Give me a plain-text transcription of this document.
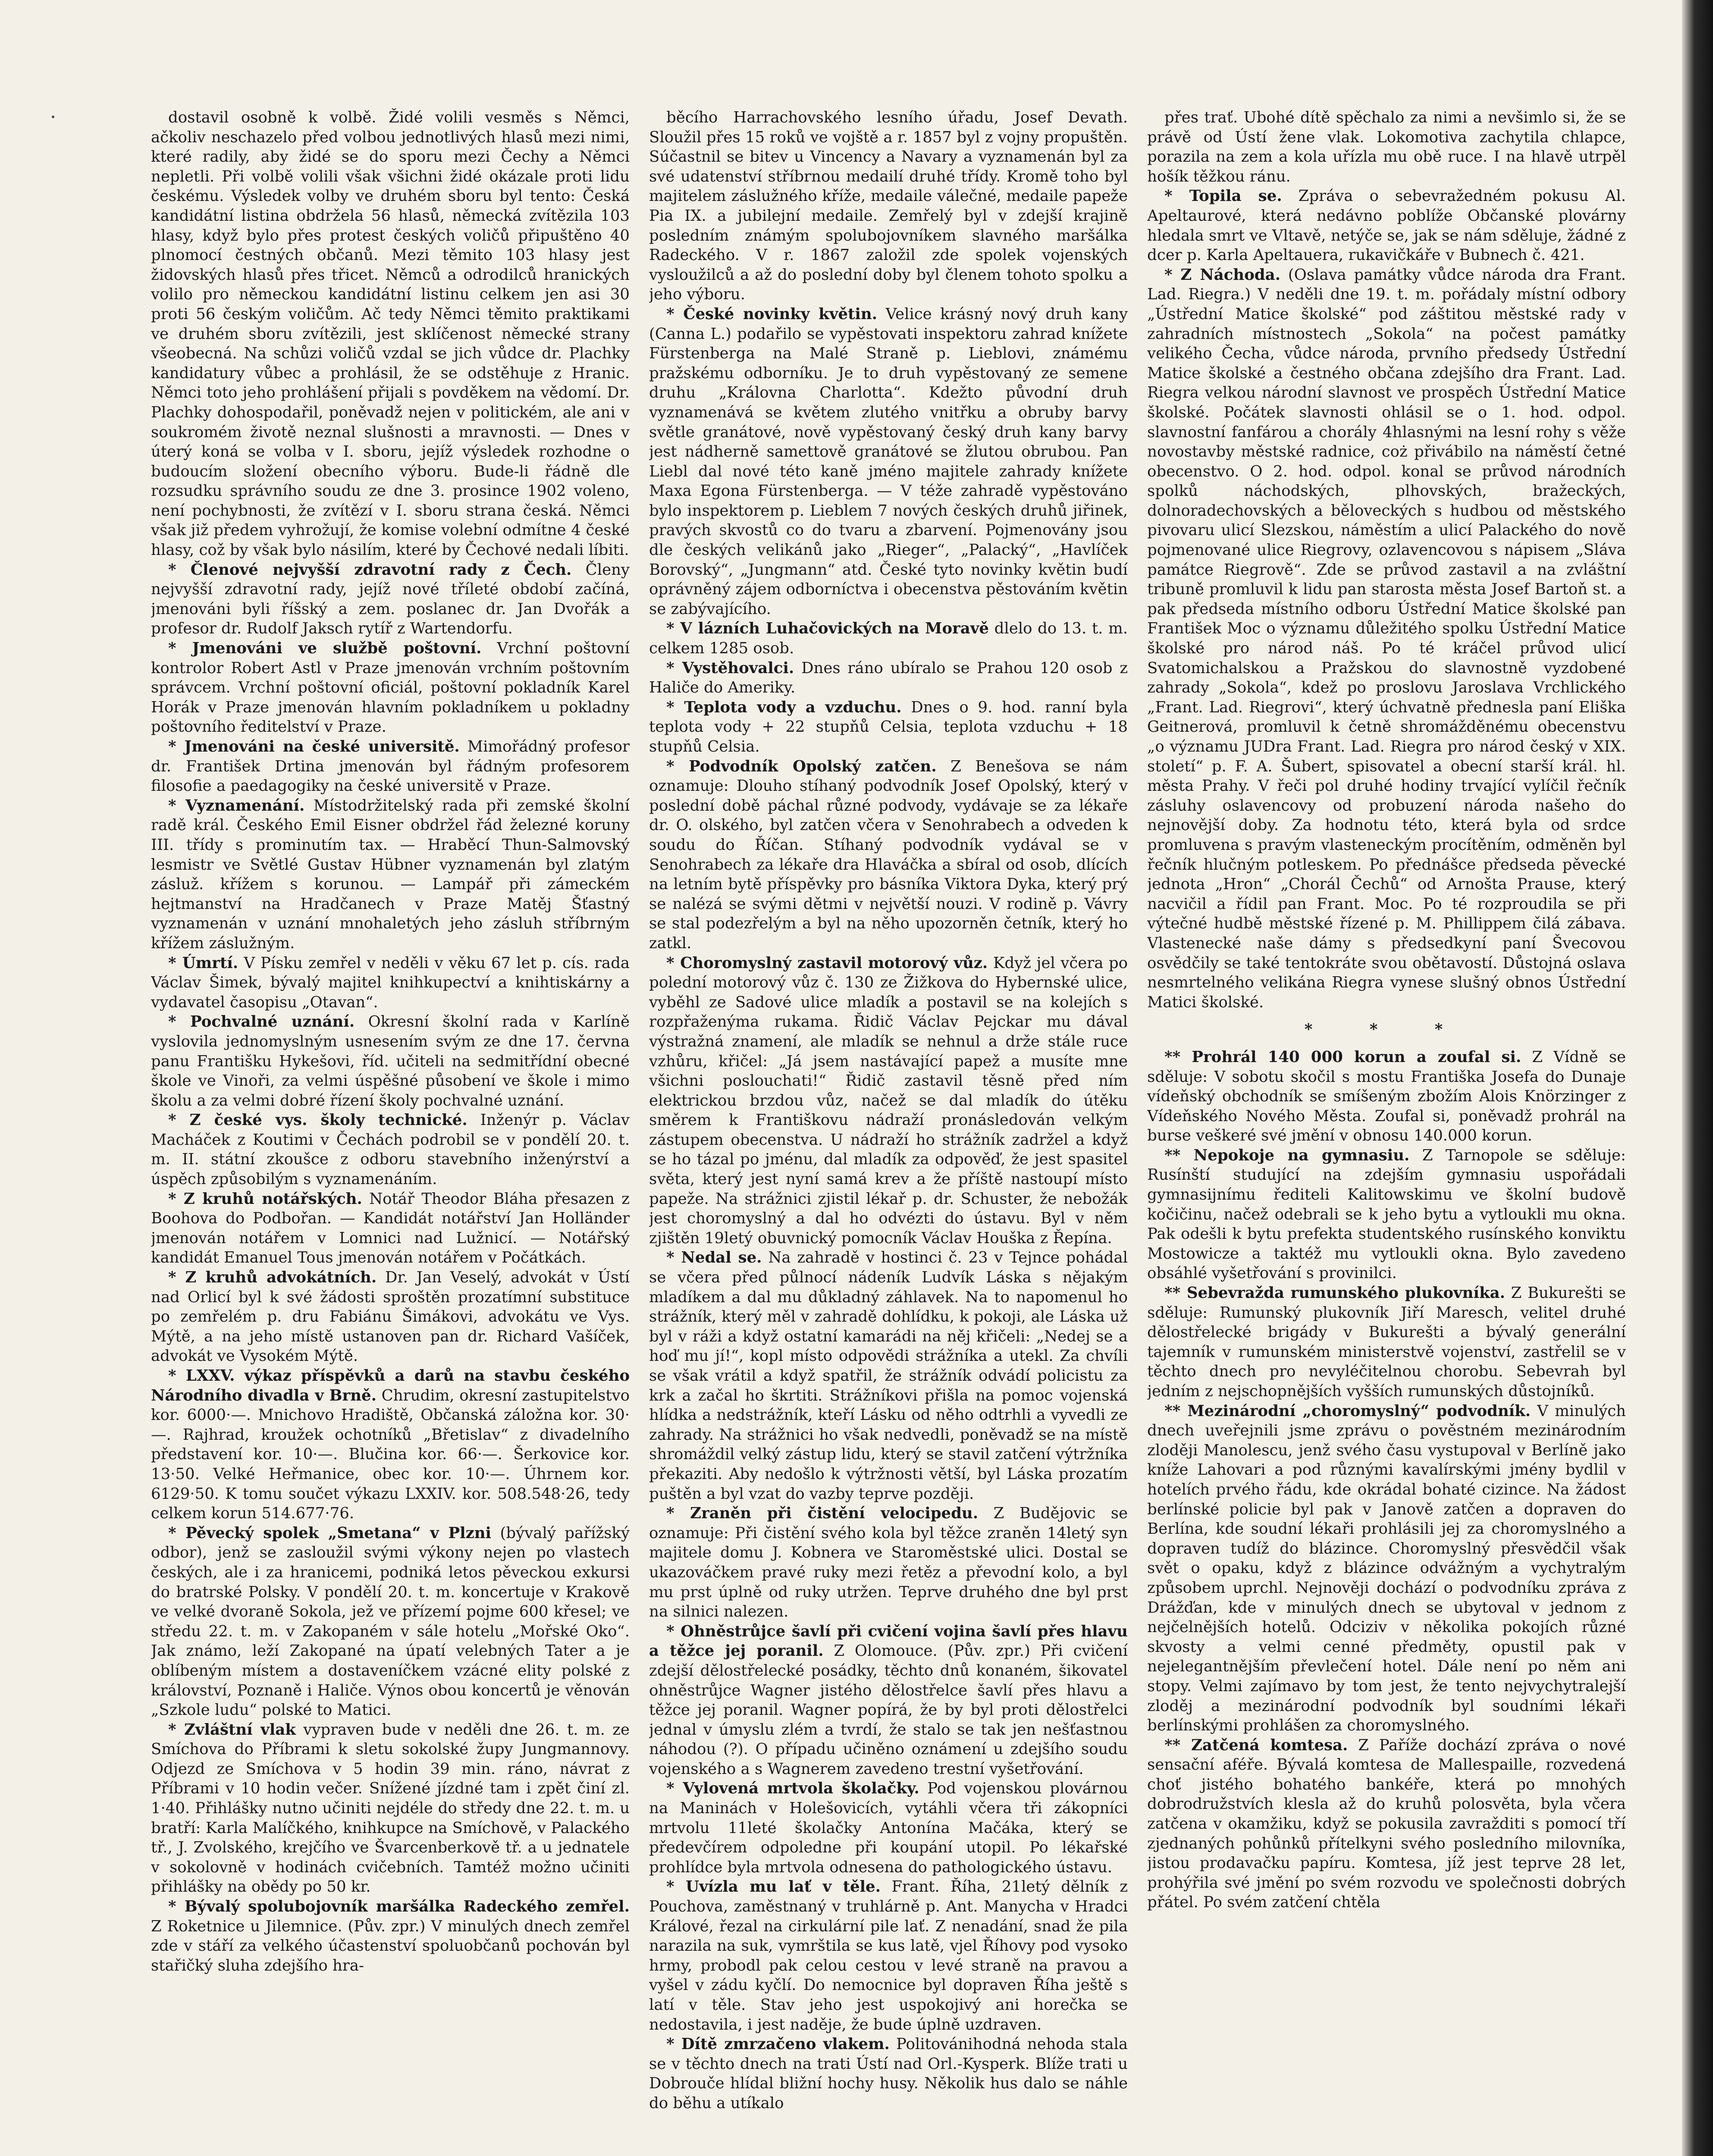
dostavil osobně k volbě. Židé volili vesměs s Němci, ačkoliv neschazelo před volbou jednotlivých hlasů mezi nimi, které radily, aby židé se do sporu mezi Čechy a Němci nepletli. Při volbě volili však všichni židé okázale proti lidu českému. Výsledek volby ve druhém sboru byl tento: Česká kandidátní listina obdržela 56 hlasů, německá zvítězila 103 hlasy, když bylo přes protest českých voličů připuštěno 40 plnomocí čestných občanů. Mezi těmito 103 hlasy jest židovských hlasů přes třicet. Němců a odrodilců hranických volilo pro německou kandidátní listinu celkem jen asi 30 proti 56 českým voličům. Ač tedy Němci těmito praktikami ve druhém sboru zvítězili, jest sklíčenost německé strany všeobecná. Na schůzi voličů vzdal se jich vůdce dr. Plachky kandidatury vůbec a prohlásil, že se odstěhuje z Hranic. Němci toto jeho prohlášení přijali s povděkem na vědomí. Dr. Plachky dohospodařil, poněvadž nejen v politickém, ale ani v soukromém životě neznal slušnosti a mravnosti. — Dnes v úterý koná se volba v I. sboru, jejíž výsledek rozhodne o budoucím složení obecního výboru. Bude-li řádně dle rozsudku správního soudu ze dne 3. prosince 1902 voleno, není pochybnosti, že zvítězí v I. sboru strana česká. Němci však již předem vyhrožují, že komise volební odmítne 4 české hlasy, což by však bylo násilím, které by Čechové nedali líbiti.

* Členové nejvyšší zdravotní rady z Čech. Členy nejvyšší zdravotní rady, jejíž nové tříleté období začíná, jmenováni byli říšský a zem. poslanec dr. Jan Dvořák a profesor dr. Rudolf Jaksch rytíř z Wartendorfu.

* Jmenováni ve službě poštovní. Vrchní poštovní kontrolor Robert Astl v Praze jmenován vrchním poštovním správcem. Vrchní poštovní oficiál, poštovní pokladník Karel Horák v Praze jmenován hlavním pokladníkem u pokladny poštovního ředitelství v Praze.

* Jmenováni na české universitě. Mimořádný profesor dr. František Drtina jmenován byl řádným profesorem filosofie a paedagogiky na české universitě v Praze.

* Vyznamenání. Místodržitelský rada při zemské školní radě král. Českého Emil Eisner obdržel řád železné koruny III. třídy s prominutím tax. — Hraběcí Thun-Salmovský lesmistr ve Světlé Gustav Hübner vyznamenán byl zlatým zásluž. křížem s korunou. — Lampář při zámeckém hejtmanství na Hradčanech v Praze Matěj Šťastný vyznamenán v uznání mnohaletých jeho zásluh stříbrným křížem záslužným.

* Úmrtí. V Písku zemřel v neděli v věku 67 let p. cís. rada Václav Šimek, bývalý majitel knihkupectví a knihtiskárny a vydavatel časopisu „Otavan“.

* Pochvalné uznání. Okresní školní rada v Karlíně vyslovila jednomyslným usnesením svým ze dne 17. června panu Františku Hykešovi, říd. učiteli na sedmitřídní obecné škole ve Vinoři, za velmi úspěšné působení ve škole i mimo školu a za velmi dobré řízení školy pochvalné uznání.

* Z české vys. školy technické. Inženýr p. Václav Macháček z Koutimi v Čechách podrobil se v pondělí 20. t. m. II. státní zkoušce z odboru stavebního inženýrství a úspěch způsobilým s vyznamenáním.

* Z kruhů notářských. Notář Theodor Bláha přesazen z Boohova do Podbořan. — Kandidát notářství Jan Holländer jmenován notářem v Lomnici nad Lužnicí. — Notářský kandidát Emanuel Tous jmenován notářem v Počátkách.

* Z kruhů advokátních. Dr. Jan Veselý, advokát v Ústí nad Orlicí byl k své žádosti sproštěn prozatímní substituce po zemřelém p. dru Fabiánu Šimákovi, advokátu ve Vys. Mýtě, a na jeho místě ustanoven pan dr. Richard Vašíček, advokát ve Vysokém Mýtě.

* LXXV. výkaz příspěvků a darů na stavbu českého Národního divadla v Brně. Chrudim, okresní zastupitelstvo kor. 6000·—. Mnichovo Hradiště, Občanská záložna kor. 30·—. Rajhrad, kroužek ochotníků „Břetislav“ z divadelního představení kor. 10·—. Blučina kor. 66·—. Šerkovice kor. 13·50. Velké Heřmanice, obec kor. 10·—. Úhrnem kor. 6129·50. K tomu součet výkazu LXXIV. kor. 508.548·26, tedy celkem korun 514.677·76.

* Pěvecký spolek „Smetana“ v Plzni (bývalý pařížský odbor), jenž se zasloužil svými výkony nejen po vlastech českých, ale i za hranicemi, podniká letos pěveckou exkursi do bratrské Polsky. V pondělí 20. t. m. koncertuje v Krakově ve velké dvoraně Sokola, jež ve přízemí pojme 600 křesel; ve středu 22. t. m. v Zakopaném v sále hotelu „Mořské Oko“. Jak známo, leží Zakopané na úpatí velebných Tater a je oblíbeným místem a dostaveníčkem vzácné elity polské z království, Poznaně i Haliče. Výnos obou koncertů je věnován „Szkole ludu“ polské to Matici.

* Zvláštní vlak vypraven bude v neděli dne 26. t. m. ze Smíchova do Příbrami k sletu sokolské župy Jungmannovy. Odjezd ze Smíchova v 5 hodin 39 min. ráno, návrat z Příbrami v 10 hodin večer. Snížené jízdné tam i zpět činí zl. 1·40. Přihlášky nutno učiniti nejdéle do středy dne 22. t. m. u bratří: Karla Malíčkého, knihkupce na Smíchově, v Palackého tř., J. Zvolského, krejčího ve Švarcenberkově tř. a u jednatele v sokolovně v hodinách cvičebních. Tamtéž možno učiniti přihlášky na obědy po 50 kr.

* Bývalý spolubojovník maršálka Radeckého zemřel. Z Roketnice u Jilemnice. (Pův. zpr.) V minulých dnech zemřel zde v stáří za velkého účastenství spoluobčanů pochován byl stařičký sluha zdejšího hra-

běcího Harrachovského lesního úřadu, Josef Devath. Sloužil přes 15 roků ve vojště a r. 1857 byl z vojny propuštěn. Súčastnil se bitev u Vincency a Navary a vyznamenán byl za své udatenství stříbrnou medailí druhé třídy. Kromě toho byl majitelem záslužného kříže, medaile válečné, medaile papeže Pia IX. a jubilejní medaile. Zemřelý byl v zdejší krajině posledním známým spolubojovníkem slavného maršálka Radeckého. V r. 1867 založil zde spolek vojenských vysloužilců a až do poslední doby byl členem tohoto spolku a jeho výboru.

* České novinky květin. Velice krásný nový druh kany (Canna L.) podařilo se vypěstovati inspektoru zahrad knížete Fürstenberga na Malé Straně p. Lieblovi, známému pražskému odborníku. Je to druh vypěstovaný ze semene druhu „Královna Charlotta“. Kdežto původní druh vyznamenává se květem zlutého vnitřku a obruby barvy světle granátové, nově vypěstovaný český druh kany barvy jest nádherně samettově granátové se žlutou obrubou. Pan Liebl dal nové této kaně jméno majitele zahrady knížete Maxa Egona Fürstenberga. — V téže zahradě vypěstováno bylo inspektorem p. Lieblem 7 nových českých druhů jiřinek, pravých skvostů co do tvaru a zbarvení. Pojmenovány jsou dle českých velikánů jako „Rieger“, „Palacký“, „Havlíček Borovský“, „Jungmann“ atd. České tyto novinky květin budí oprávněný zájem odborníctva i obecenstva pěstováním květin se zabývajícího.

* V lázních Luhačovických na Moravě dlelo do 13. t. m. celkem 1285 osob.

* Vystěhovalci. Dnes ráno ubíralo se Prahou 120 osob z Haliče do Ameriky.

* Teplota vody a vzduchu. Dnes o 9. hod. ranní byla teplota vody + 22 stupňů Celsia, teplota vzduchu + 18 stupňů Celsia.

* Podvodník Opolský zatčen. Z Benešova se nám oznamuje: Dlouho stíhaný podvodník Josef Opolský, který v poslední době páchal různé podvody, vydávaje se za lékaře dr. O. olského, byl zatčen včera v Senohrabech a odveden k soudu do Říčan. Stíhaný podvodník vydával se v Senohrabech za lékaře dra Hlaváčka a sbíral od osob, dlících na letním bytě příspěvky pro básníka Viktora Dyka, který prý se nalézá se svými dětmi v největší nouzi. V rodině p. Vávry se stal podezřelým a byl na něho upozorněn četník, který ho zatkl.

* Choromyslný zastavil motorový vůz. Když jel včera po polední motorový vůz č. 130 ze Žižkova do Hybernské ulice, vyběhl ze Sadové ulice mladík a postavil se na kolejích s rozpřaženýma rukama. Řidič Václav Pejckar mu dával výstražná znamení, ale mladík se nehnul a drže stále ruce vzhůru, křičel: „Já jsem nastávající papež a musíte mne všichni poslouchati!“ Řidič zastavil těsně před ním elektrickou brzdou vůz, načež se dal mladík do útěku směrem k Františkovu nádraží pronásledován velkým zástupem obecenstva. U nádraží ho strážník zadržel a když se ho tázal po jménu, dal mladík za odpověď, že jest spasitel světa, který jest nyní samá krev a že příště nastoupí místo papeže. Na strážnici zjistil lékař p. dr. Schuster, že nebožák jest choromyslný a dal ho odvézti do ústavu. Byl v něm zjištěn 19letý obuvnický pomocník Václav Houška z Řepína.

* Nedal se. Na zahradě v hostinci č. 23 v Tejnce pohádal se včera před půlnocí nádeník Ludvík Láska s nějakým mladíkem a dal mu důkladný záhlavek. Na to napomenul ho strážník, který měl v zahradě dohlídku, k pokoji, ale Láska už byl v ráži a když ostatní kamarádi na něj křičeli: „Nedej se a hoď mu jí!“, kopl místo odpovědi strážníka a utekl. Za chvíli se však vrátil a když spatřil, že strážník odvádí policistu za krk a začal ho škrtiti. Strážníkovi přišla na pomoc vojenská hlídka a nedstrážník, kteří Lásku od něho odtrhli a vyvedli ze zahrady. Na strážnici ho však nedvedli, poněvadž se na místě shromáždil velký zástup lidu, který se stavil zatčení výtržníka překaziti. Aby nedošlo k výtržnosti větší, byl Láska prozatím puštěn a byl vzat do vazby teprve později.

* Zraněn při čistění velocipedu. Z Budějovic se oznamuje: Při čistění svého kola byl těžce zraněn 14letý syn majitele domu J. Kobnera ve Staroměstské ulici. Dostal se ukazováčkem pravé ruky mezi řetěz a převodní kolo, a byl mu prst úplně od ruky utržen. Teprve druhého dne byl prst na silnici nalezen.

* Ohněstrůjce šavlí při cvičení vojina šavlí přes hlavu a těžce jej poranil. Z Olomouce. (Pův. zpr.) Při cvičení zdejší dělostřelecké posádky, těchto dnů konaném, šikovatel ohněstrůjce Wagner jistého dělostřelce šavlí přes hlavu a těžce jej poranil. Wagner popírá, že by byl proti dělostřelci jednal v úmyslu zlém a tvrdí, že stalo se tak jen nešťastnou náhodou (?). O případu učiněno oznámení u zdejšího soudu vojenského a s Wagnerem zavedeno trestní vyšetřování.

* Vylovená mrtvola školačky. Pod vojenskou plovárnou na Maninách v Holešovicích, vytáhli včera tři zákopníci mrtvolu 11leté školačky Antonína Mačáka, který se předevčírem odpoledne při koupání utopil. Po lékařské prohlídce byla mrtvola odnesena do pathologického ústavu.

* Uvízla mu lať v těle. Frant. Říha, 21letý dělník z Pouchova, zaměstnaný v truhlárně p. Ant. Manycha v Hradci Králové, řezal na cirkulární pile lať. Z nenadání, snad že pila narazila na suk, vymrštila se kus latě, vjel Říhovy pod vysoko hrmy, probodl pak celou cestou v levé straně na pravou a vyšel v zádu kyčlí. Do nemocnice byl dopraven Říha ještě s latí v těle. Stav jeho jest uspokojivý ani horečka se nedostavila, i jest naděje, že bude úplně uzdraven.

* Dítě zmrzačeno vlakem. Politovánihodná nehoda stala se v těchto dnech na trati Ústí nad Orl.-Kysperk. Blíže trati u Dobrouče hlídal bližní hochy husy. Několik hus dalo se náhle do běhu a utíkalo

přes trať. Ubohé dítě spěchalo za nimi a nevšimlo si, že se právě od Ústí žene vlak. Lokomotiva zachytila chlapce, porazila na zem a kola uřízla mu obě ruce. I na hlavě utrpěl hošík těžkou ránu.

* Topila se. Zpráva o sebevražedném pokusu Al. Apeltaurové, která nedávno poblíže Občanské plovárny hledala smrt ve Vltavě, netýče se, jak se nám sděluje, žádné z dcer p. Karla Apeltauera, rukavičkáře v Bubnech č. 421.

* Z Náchoda. (Oslava památky vůdce národa dra Frant. Lad. Riegra.) V neděli dne 19. t. m. pořádaly místní odbory „Ústřední Matice školské“ pod záštitou městské rady v zahradních místnostech „Sokola“ na počest památky velikého Čecha, vůdce národa, prvního předsedy Ústřední Matice školské a čestného občana zdejšího dra Frant. Lad. Riegra velkou národní slavnost ve prospěch Ústřední Matice školské. Počátek slavnosti ohlásil se o 1. hod. odpol. slavnostní fanfárou a chorály 4hlasnými na lesní rohy s věže novostavby městské radnice, coż přivábilo na náměstí četné obecenstvo. O 2. hod. odpol. konal se průvod národních spolků náchodských, plhovských, bražeckých, dolnoradechovských a běloveckých s hudbou od městského pivovaru ulicí Slezskou, náměstím a ulicí Palackého do nově pojmenované ulice Riegrovy, ozlavencovou s nápisem „Sláva památce Riegrově“. Zde se průvod zastavil a na zvláštní tribuně promluvil k lidu pan starosta města Josef Bartoň st. a pak předseda místního odboru Ústřední Matice školské pan František Moc o významu důležitého spolku Ústřední Matice školské pro národ náš. Po té kráčel průvod ulicí Svatomichalskou a Pražskou do slavnostně vyzdobené zahrady „Sokola“, kdež po proslovu Jaroslava Vrchlického „Frant. Lad. Riegrovi“, který úchvatně přednesla paní Eliška Geitnerová, promluvil k četně shromážděnému obecenstvu „o významu JUDra Frant. Lad. Riegra pro národ český v XIX. století“ p. F. A. Šubert, spisovatel a obecní starší král. hl. města Prahy. V řeči pol druhé hodiny trvající vylíčil řečník zásluhy oslavencovy od probuzení národa našeho do nejnovější doby. Za hodnotu této, která byla od srdce promluvena s pravým vlasteneckým procítěním, odměněn byl řečník hlučným potleskem. Po přednášce předseda pěvecké jednota „Hron“ „Chorál Čechů“ od Arnošta Prause, který nacvičil a řídil pan Frant. Moc. Po té rozproudila se při výtečné hudbě městské řízené p. M. Phillippem čilá zábava. Vlastenecké naše dámy s předsedkyní paní Švecovou osvědčily se také tentokráte svou obětavostí. Důstojná oslava nesmrtelného velikána Riegra vynese slušný obnos Ústřední Matici školské.

* * *

** Prohrál 140 000 korun a zoufal si. Z Vídně se sděluje: V sobotu skočil s mostu Františka Josefa do Dunaje vídeňský obchodník se smíšeným zbožím Alois Knörzinger z Vídeňského Nového Města. Zoufal si, poněvadž prohrál na burse veškeré své jmění v obnosu 140.000 korun.

** Nepokoje na gymnasiu. Z Tarnopole se sděluje: Rusínští studující na zdejším gymnasiu uspořádali gymnasijnímu řediteli Kalitowskimu ve školní budově kočičinu, načež odebrali se k jeho bytu a vytloukli mu okna. Pak odešli k bytu prefekta studentského rusínského konviktu Mostowicze a taktéž mu vytloukli okna. Bylo zavedeno obsáhlé vyšetřování s provinilci.

** Sebevražda rumunského plukovníka. Z Bukurešti se sděluje: Rumunský plukovník Jiří Maresch, velitel druhé dělostřelecké brigády v Bukurešti a bývalý generální tajemník v rumunském ministerstvě vojenství, zastřelil se v těchto dnech pro nevyléčitelnou chorobu. Sebevrah byl jedním z nejschopnějších vyšších rumunských důstojníků.

** Mezinárodní „choromyslný“ podvodník. V minulých dnech uveřejnili jsme zprávu o pověstném mezinárodním zloději Manolescu, jenž svého času vystupoval v Berlíně jako kníže Lahovari a pod různými kavalírskými jmény bydlil v hotelích prvého řádu, kde okrádal bohaté cizince. Na žádost berlínské policie byl pak v Janově zatčen a dopraven do Berlína, kde soudní lékaři prohlásili jej za choromyslného a dopraven tudíž do blázince. Choromyslný přesvědčil však svět o opaku, když z blázince odvážným a vychytralým způsobem uprchl. Nejnověji dochází o podvodníku zpráva z Drážďan, kde v minulých dnech se ubytoval v jednom z nejčelnějších hotelů. Odciziv v několika pokojích různé skvosty a velmi cenné předměty, opustil pak v nejelegantnějším převlečení hotel. Dále není po něm ani stopy. Velmi zajímavo by tom jest, že tento nejvychytralejší zloděj a mezinárodní podvodník byl soudními lékaři berlínskými prohlášen za choromyslného.

** Zatčená komtesa. Z Paříže dochází zpráva o nové sensační aféře. Bývalá komtesa de Mallespaille, rozvedená choť jistého bohatého bankéře, která po mnohých dobrodružstvích klesla až do kruhů polosvěta, byla včera zatčena v okamžiku, když se pokusila zavražditi s pomocí tří zjednaných pohůnků přítelkyni svého posledního milovníka, jistou prodavačku papíru. Komtesa, jíž jest teprve 28 let, prohýřila své jmění po svém rozvodu ve společnosti dobrých přátel. Po svém zatčení chtěla
